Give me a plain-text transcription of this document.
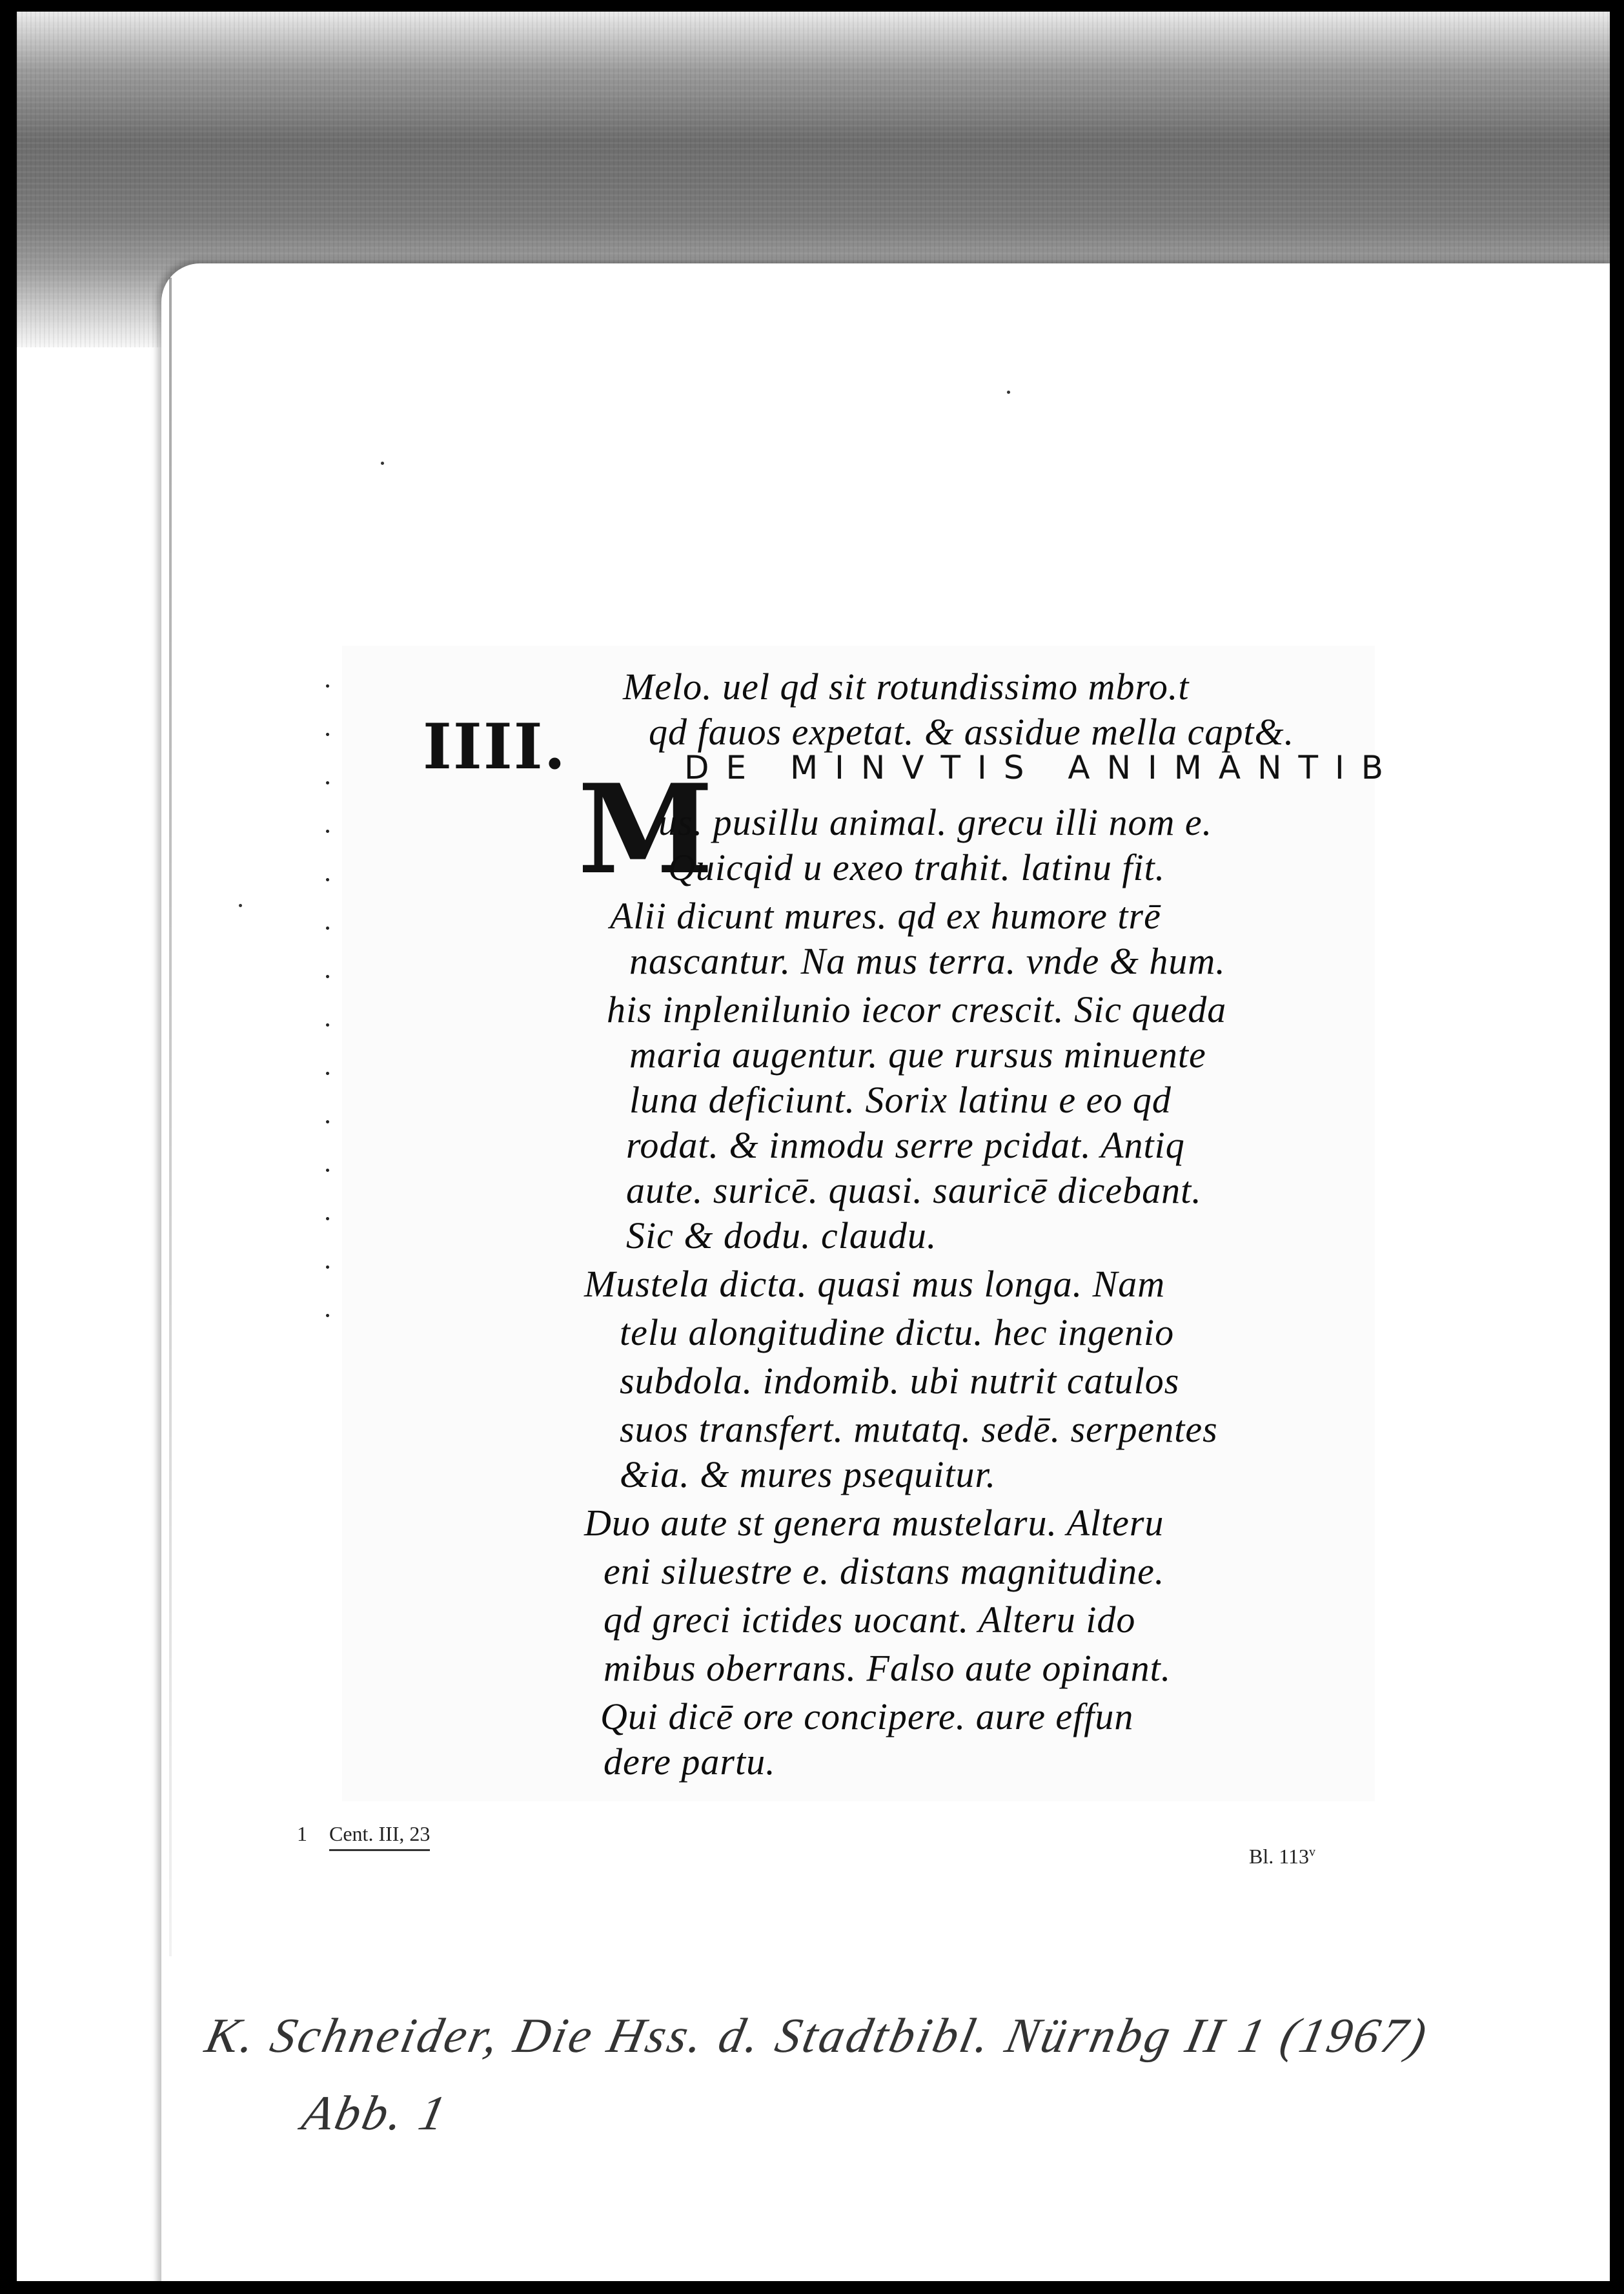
IIII.	DE MINVTIS ANIMANTIB
M
Melo. uel qd sit rotundissimo mbro.t
qd fauos expetat. & assidue mella capt&.
us. pusillu animal. grecu illi nom e.
Quicqid u exeo trahit. latinu fit.
Alii dicunt mures. qd ex humore trē
nascantur. Na mus terra. vnde & hum.
his inplenilunio iecor crescit. Sic queda
maria augentur. que rursus minuente
luna deficiunt. Sorix latinu e eo qd
rodat. & inmodu serre pcidat. Antiq
aute. suricē. quasi. sauricē dicebant.
Sic & dodu. claudu.
Mustela dicta. quasi mus longa. Nam
telu alongitudine dictu. hec ingenio
subdola. indomib. ubi nutrit catulos
suos transfert. mutatq. sedē. serpentes
&ia. & mures psequitur.
Duo aute st genera mustelaru. Alteru
eni siluestre e. distans magnitudine.
qd greci ictides uocant. Alteru ido
mibus oberrans. Falso aute opinant.
Qui dicē ore concipere. aure effun
dere partu.
1 Cent. III, 23
Bl. 113$^v$
K. Schneider, Die Hss. d. Stadtbibl. Nürnbg II 1 (1967)
Abb. 1
